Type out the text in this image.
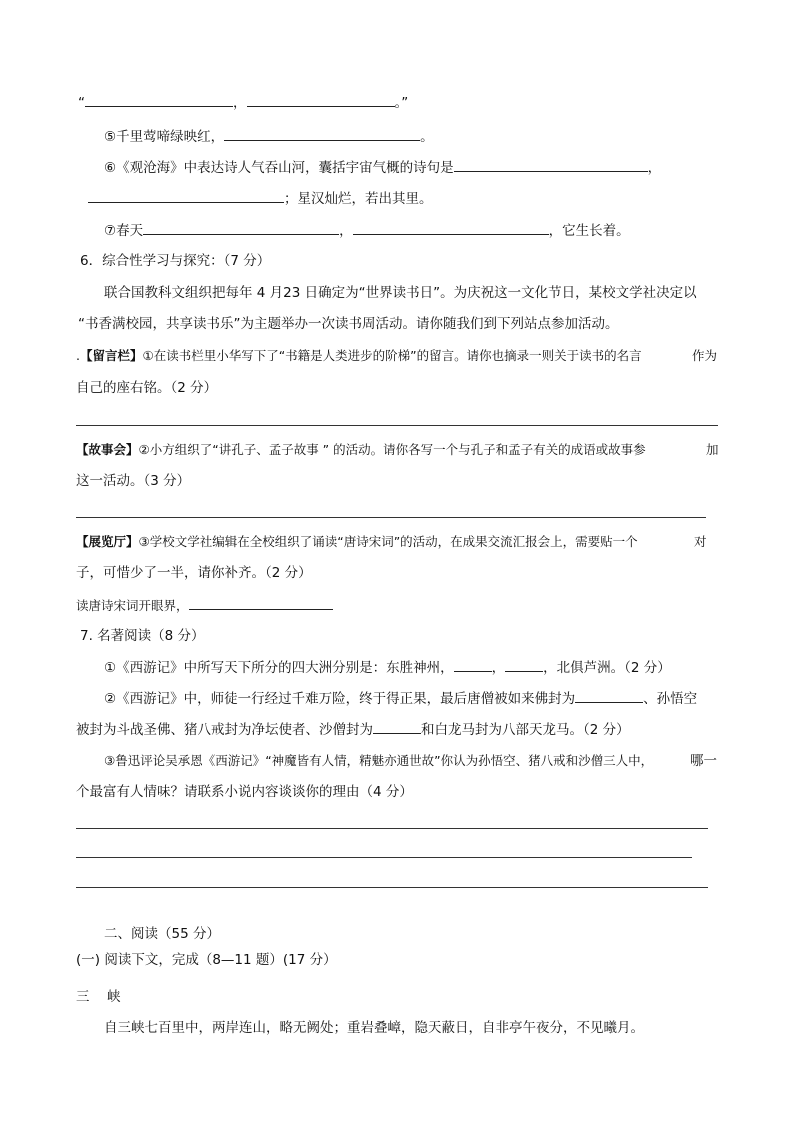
“	，	。”
⑤千里莺啼绿映红，	。
⑥《观沧海》中表达诗人气吞山河，囊括宇宙气概的诗句是	，
；星汉灿烂，若出其里。
⑦春天	，	，它生长着。
6．综合性学习与探究：（7 分）
联合国教科文组织把每年 4 月23 日确定为“世界读书日”。为庆祝这一文化节日，某校文学社决定以
“书香满校园，共享读书乐”为主题举办一次读书周活动。请你随我们到下列站点参加活动。
.【留言栏】①在读书栏里小华写下了“书籍是人类进步的阶梯”的留言。请你也摘录一则关于读书的名言	作为
自己的座右铭。（2 分）
【故事会】②小方组织了“讲孔子、孟子故事 ” 的活动。请你各写一个与孔子和孟子有关的成语或故事参	加
这一活动。（3 分）
【展览厅】③学校文学社编辑在全校组织了诵读“唐诗宋词”的活动，在成果交流汇报会上，需要贴一个	对
子，可惜少了一半，请你补齐。（2 分）
读唐诗宋词开眼界，
7. 名著阅读（8 分）
①《西游记》中所写天下所分的四大洲分别是：东胜神州，	，	，北俱芦洲。（2 分）
②《西游记》中，师徒一行经过千难万险，终于得正果，最后唐僧被如来佛封为	、孙悟空
被封为斗战圣佛、猪八戒封为净坛使者、沙僧封为	和白龙马封为八部天龙马。（2 分）
③鲁迅评论吴承恩《西游记》“神魔皆有人情，精魅亦通世故”你认为孙悟空、猪八戒和沙僧三人中，	哪一
个最富有人情味？请联系小说内容谈谈你的理由（4 分）
二、阅读（55 分）
(一) 阅读下文，完成（8—11 题）(17 分）
三　峡
自三峡七百里中，两岸连山，略无阙处；重岩叠嶂，隐天蔽日，自非亭午夜分，不见曦月。
